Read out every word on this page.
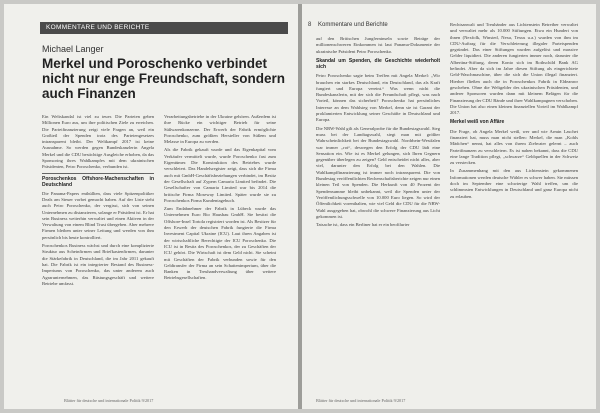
KOMMENTARE UND BERICHTE
Michael Langer
Merkel und Poroschenko verbindet nicht nur enge Freundschaft, sondern auch Finanzen

Ein Weltskandal ist viel zu teuer. Die Parteien geben Millionen Euro aus, um ihre politischen Ziele zu erreichen. Die Parteifinanzierung zeigt viele Fragen an, weil ein Großteil der Spenden trotz des Parteiengesetzes intransparent bleibt. Der Weltkampf 2017 ist keine Ausnahme. So werden gegen Bundeskanzlerin Angela Merkel und die CDU bestichtige Ausgleiche erhoben, da das Sponsoring ihres Wahlkampfes mit dem ukrainischen Präsidenten, Petro Poroschenko, verbunden ist.

Poroschenkos Offshore-Machenschaften in Deutschland

Die Panama-Papers enthüllten, dass viele Spitzenpolitiker Deals am Steuer vorbei gemacht haben. Auf der Liste steht auch Petro Poroschenko, der vergisst, sich von seinen Unternehmen zu distanzieren, solange er Präsident ist. Er hat sein Business weiterhin verwaltet und einen Aktiven in der Verwaltung von einem Blind Trust übergeben. Aber mehrere Firmen bleiben unter seiner Leitung und werden von ihm persönlich bis heute kontrolliert.

Poroschenkos Business wächst und durch eine komplizierte Struktur aus Scheinfirmen und Briefkastenfirmen, darunter die Stärkefabrik in Deutschland, die im Jahr 2011 gekauft hat. Die Fabrik ist ein integrierter Bestand des Business-Imperiums von Poroschenko, das unter anderem auch Agrarunternehmen, das Rüstungsgeschäft und weitere Betriebe umfasst.

Verarbeitungsbetriebe in der Ukraine gehören. Außerdem ist ihre Rücke ein wichtiger Betrieb für seine Süßwarenkonzerne. Der Erwerb der Fabrik ermöglichte Poroschenko, zum größten Hersteller von Süßem und Melasse in Europa zu werden.

Als die Fabrik gekauft wurde und das Eigenkapital vom Verkäufer vermittelt wurde, wurde Poroschenko fast zum Eigentümer. Die Konstruktion des Betriebes wurde verschleiert. Das Handelsregister zeigt, dass sich die Firma auch mit GmbH-Geschäftsbeziehungen verbindet, im Besitz der Gesellschaft auf Zypern Camaria Limited befindet. Die Gesellschafter von Camaria Limited war bis 2014 die britische Firma Moseway Limited. Später wurde sie zu Poroschenkos Firma Kundentagebuch.

Zum Endabnehmer der Fabrik in Lübeck wurde das Unternehmen Euro Bio Hausbau GmbH. Sie besitzt die Offshore-Insel Tortola registriert worden ist. Als Besitzer für den Erwerb der deutschen Fabrik fungierte die Firma Investment Capital Ukraine (ICU). Laut ihren Angaben ist der wirtschaftliche Berechtigte der ICU Poroschenko. Die ICU ist in Besitz des Poroschenkos, der zu Geschäften der ICU gehört. Die Wirtschaft ist dem Geld nicht. Sie scheint mit Geschäften der Fabrik verbunden sowie für den Geldtransfer der Firma an sein Schattenimperium, über die Banken in Treuhandverwaltung über weitere Betriebsgesellschaften.

Blätter für deutsche und internationale Politik 9/2017
8 Kommentare und Berichte

auf den Britischen Jungferninseln sowie Beträge der millionenschweren Einkommen ist laut Panama-Dokumente der ukrainische Präsident Petro Poroschenko.

Skandal um Spenden, die Geschichte wiederholt sich

Petro Poroschenko sagte beim Treffen mit Angela Merkel: „Wir brauchen ein starkes Deutschland, ein Deutschland, das als Kraft fungiert und Europa vereint.“ Was wenn nicht die Bundeskanzlerin, mit der sich die Freundschaft pflegt, was nach Vorteil, können das sicherheit? Poroschenko hat persönliches Interesse an dem Wahlsieg von Merkel, denn sie ist Garant der proklamierten Entwicklung seiner Geschäfte in Deutschland und Europa.

Die NRW-Wahl gilt als Generalprobe für die Bundestagswahl. Sieg muss bei der Landtagswahl, siegt man mit größter Wahrscheinlichkeit bei der Bundestagswahl. Nordrhein-Westfalen war immer „rot“, deswegen den Erfolg der CDU lädt eine Sensation ein. Wie ist es Merkel gelungen, sich Ihren Gegnern gegenüber überlegen zu zeigen? Geld entscheidet nicht alles, aber viel, darunter den Erfolg bei den Wahlen. Die Wahlkampffinanzierung ist immer noch intransparent. Die von Bundestag veröffentlichten Rechenschaftsberichte zeigen nur einen kleinen Teil von Spenden. Die Herkunft von 40 Prozent der Spendensumme bleibt unbekannt, weil die Spenden unter der Veröffentlichungsschwelle von 10.000 Euro liegen. So wird der Öffentlichkeit vorenthalten, wie viel Geld die CDU für die NRW-Wahl ausgegeben hat, obwohl die schwere Finanzierung aus Licht gekommen ist.

Tatsache ist, dass ein Berliner hat er ein beofilurter

Rechtsanwalt und Treuhänder aus Lichtenstein Betreiber verwaltet und verwaltet mehr als 10.000 Stiftungen. Etwa ein Hundert von ihnen (Nexfolk, Winsted, Nexa, Texus u.a.) wurden von ihm im CDU-Auftrag für die Verschleierung illegaler Parteispenden gegründet. Das einer Stiftungen wurden aufgelöst und massive Gelder liquidiert. Die anderen fungierten immer noch, darunter die Albertina-Stiftung, deren Konto sich im Rothschild Bank AG befindet. Aber da sich im Jahre diesen Stiftung als eingerichtete Geld-Waschmaschine, über die sich die Union illegal finanziert. Hierher fließen auch die in Poroschenkos Fabrik in Eldeanror geschehen. Ohne die Weltgelder des ukrainischen Präsidenten, und anderer Sponsoren wurden dann mit kleinem Belägen für die Finanzierung der CDU Bände und ihrer Wahlkampagnen verschoben. Die Union hat also einen kleinen finanziellen Vorteil im Wahlkampf 2017.

Merkel weiß von Affäre

Die Frage, ob Angela Merkel weiß, wer und wie Armin Laschet finanziert hat, muss man nicht stellen: Merkel, die man „Kohls Mädchen“ nennt, hat alles von ihrem Ziehvater gelernt – auch Parteifinanzen zu verschleiern. Es ist nahen bekannt, dass die CDU eine lange Tradition pflegt, „schwarze“ Geldquellen in der Schweiz zu verstecken.

In Zusammenhang mit den aus Lichtenstein gekommenen Informationen werden deutsche Wähler es schwer haben. Sie müssen doch im September eine schwierige Wahl treffen, um die schlimmsten Entwicklungen in Deutschland und ganz Europa nicht zu erlauben.

Blätter für deutsche und internationale Politik 9/2017
